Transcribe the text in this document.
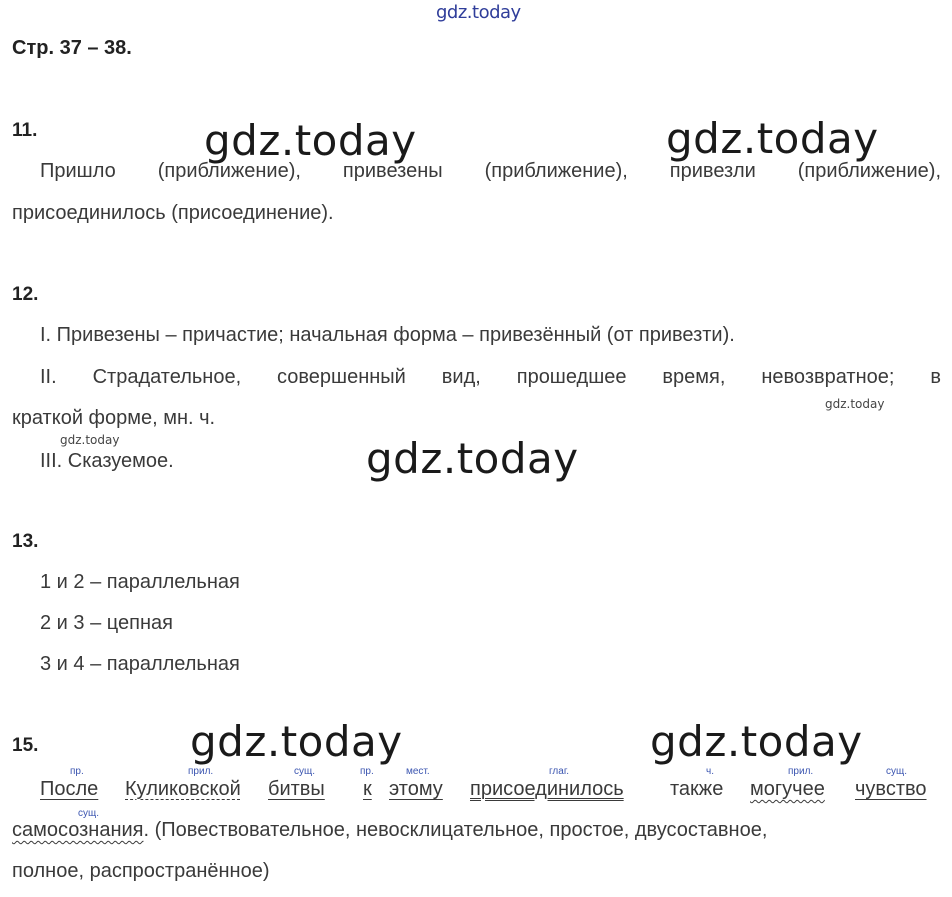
gdz.today
gdz.today	gdz.today
gdz.today
gdz.today	gdz.today
gdz.today
gdz.today
Стр. 37 – 38.
11.
Пришло (приближение), привезены (приближение), привезли (приближение),
присоединилось (присоединение).
12.
I. Привезены – причастие; начальная форма – привезённый (от привезти).
II. Страдательное, совершенный вид, прошедшее время, невозвратное; в
краткой форме, мн. ч.
III. Сказуемое.
13.
1 и 2 – параллельная
2 и 3 – цепная
3 и 4 – параллельная
15.
пр.	прил.	сущ.	пр.	мест.	глаг.	ч.	прил.	сущ.
сущ.
После Куликовской битвы к этому присоединилось также могучее чувство
самосознания. (Повествовательное, невосклицательное, простое, двусоставное,
полное, распространённое)
